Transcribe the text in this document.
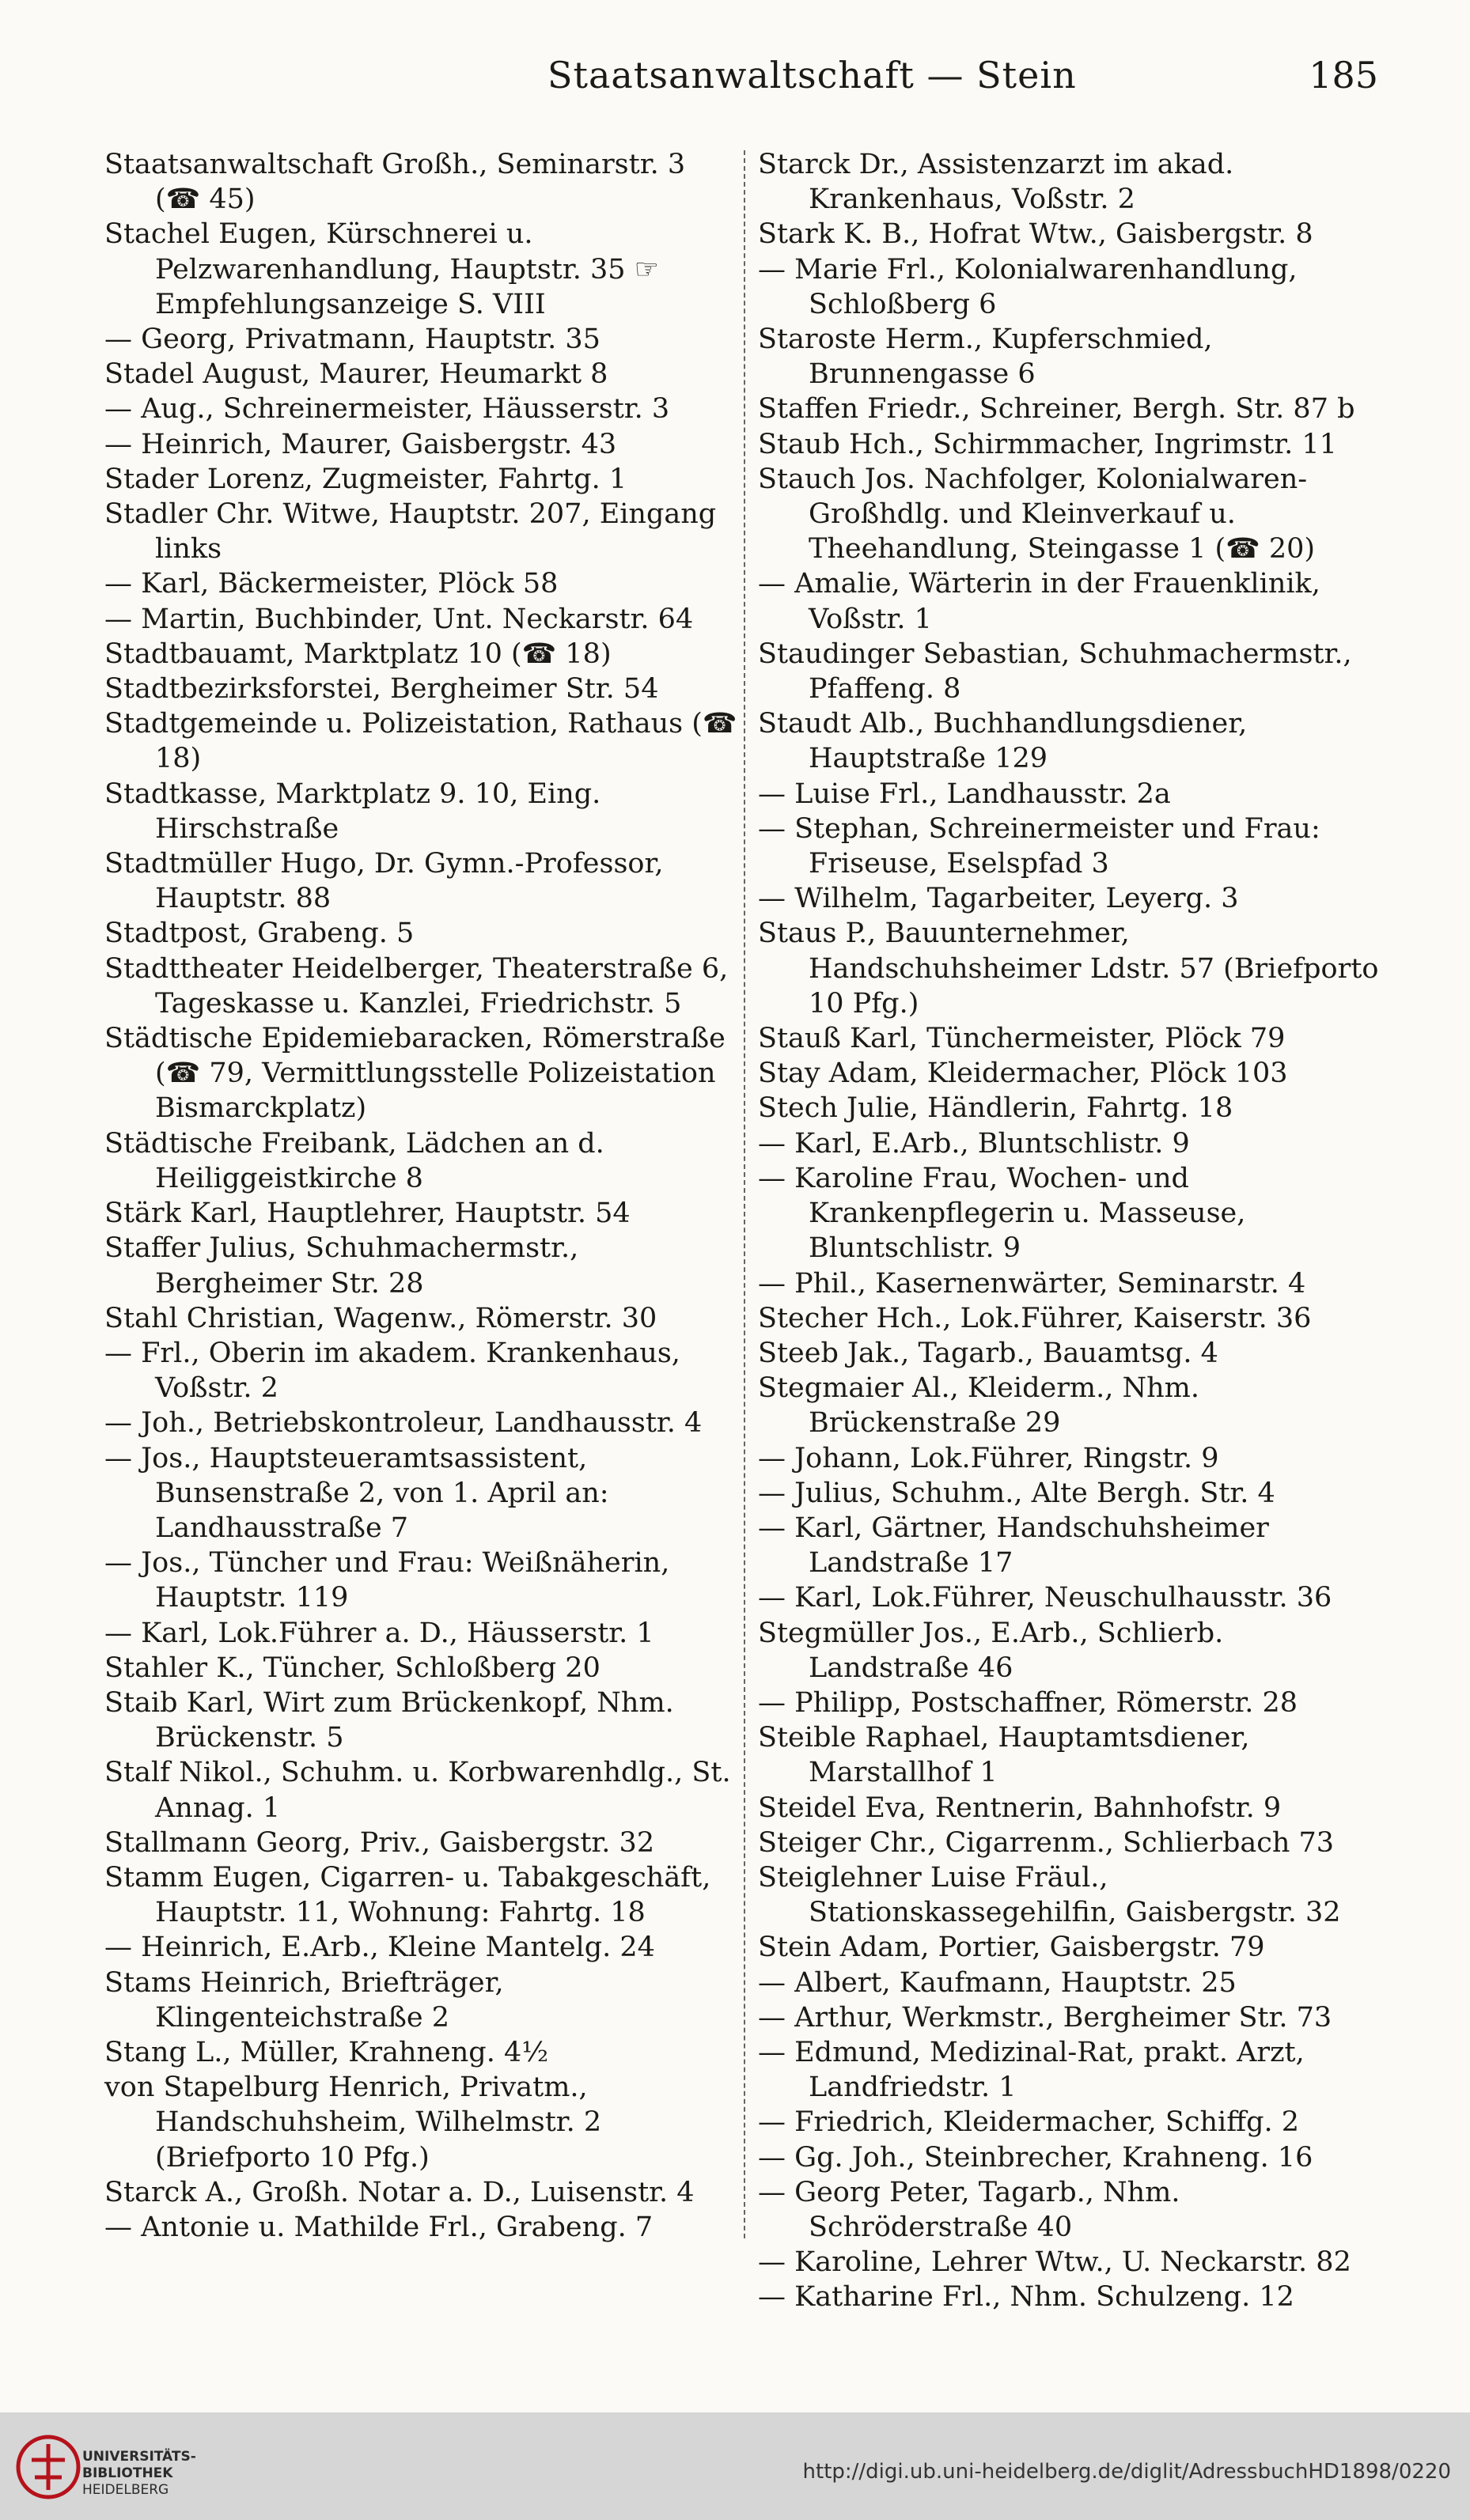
Staatsanwaltschaft — Stein	185
Staatsanwaltschaft Großh., Seminarstr. 3 (☎ 45)
Stachel Eugen, Kürschnerei u. Pelzwarenhandlung, Hauptstr. 35 ☞ Empfehlungsanzeige S. VIII
— Georg, Privatmann, Hauptstr. 35
Stadel August, Maurer, Heumarkt 8
— Aug., Schreinermeister, Häusserstr. 3
— Heinrich, Maurer, Gaisbergstr. 43
Stader Lorenz, Zugmeister, Fahrtg. 1
Stadler Chr. Witwe, Hauptstr. 207, Eingang links
— Karl, Bäckermeister, Plöck 58
— Martin, Buchbinder, Unt. Neckarstr. 64
Stadtbauamt, Marktplatz 10 (☎ 18)
Stadtbezirksforstei, Bergheimer Str. 54
Stadtgemeinde u. Polizeistation, Rathaus (☎ 18)
Stadtkasse, Marktplatz 9. 10, Eing. Hirschstraße
Stadtmüller Hugo, Dr. Gymn.-Professor, Hauptstr. 88
Stadtpost, Grabeng. 5
Stadttheater Heidelberger, Theaterstraße 6, Tageskasse u. Kanzlei, Friedrichstr. 5
Städtische Epidemiebaracken, Römerstraße (☎ 79, Vermittlungsstelle Polizeistation Bismarckplatz)
Städtische Freibank, Lädchen an d. Heiliggeistkirche 8
Stärk Karl, Hauptlehrer, Hauptstr. 54
Staffer Julius, Schuhmachermstr., Bergheimer Str. 28
Stahl Christian, Wagenw., Römerstr. 30
— Frl., Oberin im akadem. Krankenhaus, Voßstr. 2
— Joh., Betriebskontroleur, Landhausstr. 4
— Jos., Hauptsteueramtsassistent, Bunsenstraße 2, von 1. April an: Landhausstraße 7
— Jos., Tüncher und Frau: Weißnäherin, Hauptstr. 119
— Karl, Lok.Führer a. D., Häusserstr. 1
Stahler K., Tüncher, Schloßberg 20
Staib Karl, Wirt zum Brückenkopf, Nhm. Brückenstr. 5
Stalf Nikol., Schuhm. u. Korbwarenhdlg., St. Annag. 1
Stallmann Georg, Priv., Gaisbergstr. 32
Stamm Eugen, Cigarren- u. Tabakgeschäft, Hauptstr. 11, Wohnung: Fahrtg. 18
— Heinrich, E.Arb., Kleine Mantelg. 24
Stams Heinrich, Briefträger, Klingenteichstraße 2
Stang L., Müller, Krahneng. 4½
von Stapelburg Henrich, Privatm., Handschuhsheim, Wilhelmstr. 2 (Briefporto 10 Pfg.)
Starck A., Großh. Notar a. D., Luisenstr. 4
— Antonie u. Mathilde Frl., Grabeng. 7
Starck Dr., Assistenzarzt im akad. Krankenhaus, Voßstr. 2
Stark K. B., Hofrat Wtw., Gaisbergstr. 8
— Marie Frl., Kolonialwarenhandlung, Schloßberg 6
Staroste Herm., Kupferschmied, Brunnengasse 6
Staffen Friedr., Schreiner, Bergh. Str. 87 b
Staub Hch., Schirmmacher, Ingrimstr. 11
Stauch Jos. Nachfolger, Kolonialwaren-Großhdlg. und Kleinverkauf u. Theehandlung, Steingasse 1 (☎ 20)
— Amalie, Wärterin in der Frauenklinik, Voßstr. 1
Staudinger Sebastian, Schuhmachermstr., Pfaffeng. 8
Staudt Alb., Buchhandlungsdiener, Hauptstraße 129
— Luise Frl., Landhausstr. 2a
— Stephan, Schreinermeister und Frau: Friseuse, Eselspfad 3
— Wilhelm, Tagarbeiter, Leyerg. 3
Staus P., Bauunternehmer, Handschuhsheimer Ldstr. 57 (Briefporto 10 Pfg.)
Stauß Karl, Tünchermeister, Plöck 79
Stay Adam, Kleidermacher, Plöck 103
Stech Julie, Händlerin, Fahrtg. 18
— Karl, E.Arb., Bluntschlistr. 9
— Karoline Frau, Wochen- und Krankenpflegerin u. Masseuse, Bluntschlistr. 9
— Phil., Kasernenwärter, Seminarstr. 4
Stecher Hch., Lok.Führer, Kaiserstr. 36
Steeb Jak., Tagarb., Bauamtsg. 4
Stegmaier Al., Kleiderm., Nhm. Brückenstraße 29
— Johann, Lok.Führer, Ringstr. 9
— Julius, Schuhm., Alte Bergh. Str. 4
— Karl, Gärtner, Handschuhsheimer Landstraße 17
— Karl, Lok.Führer, Neuschulhausstr. 36
Stegmüller Jos., E.Arb., Schlierb. Landstraße 46
— Philipp, Postschaffner, Römerstr. 28
Steible Raphael, Hauptamtsdiener, Marstallhof 1
Steidel Eva, Rentnerin, Bahnhofstr. 9
Steiger Chr., Cigarrenm., Schlierbach 73
Steiglehner Luise Fräul., Stationskassegehilfin, Gaisbergstr. 32
Stein Adam, Portier, Gaisbergstr. 79
— Albert, Kaufmann, Hauptstr. 25
— Arthur, Werkmstr., Bergheimer Str. 73
— Edmund, Medizinal-Rat, prakt. Arzt, Landfriedstr. 1
— Friedrich, Kleidermacher, Schiffg. 2
— Gg. Joh., Steinbrecher, Krahneng. 16
— Georg Peter, Tagarb., Nhm. Schröderstraße 40
— Karoline, Lehrer Wtw., U. Neckarstr. 82
— Katharine Frl., Nhm. Schulzeng. 12
UNIVERSITÄTS-
BIBLIOTHEK
HEIDELBERG
http://digi.ub.uni-heidelberg.de/diglit/AdressbuchHD1898/0220
